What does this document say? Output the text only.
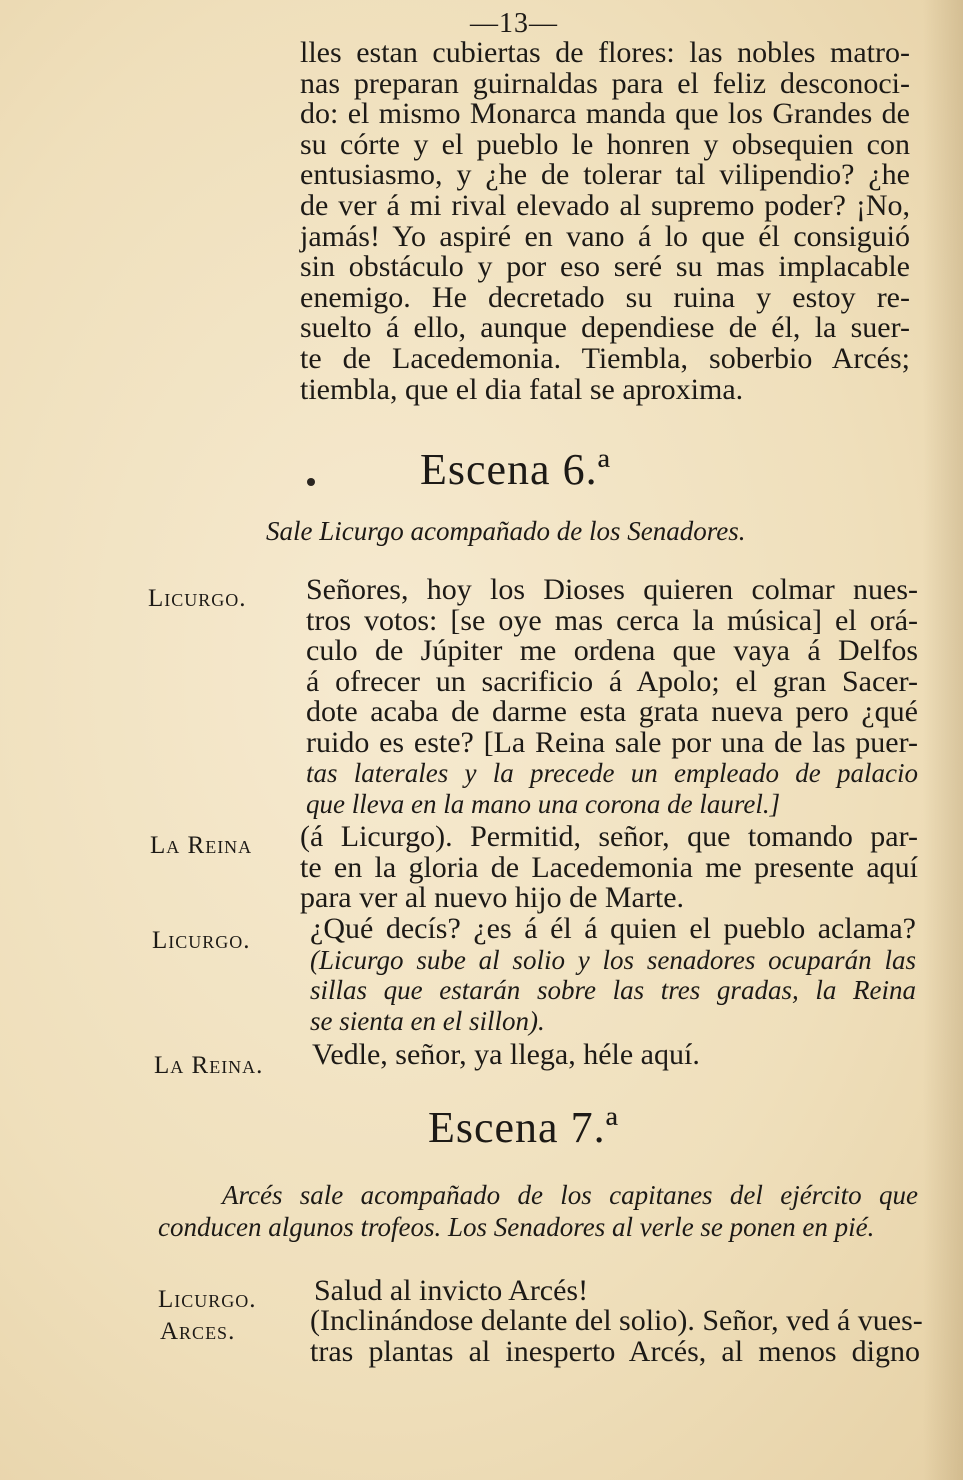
—13—
lles estan cubiertas de flores: las nobles matro-
nas preparan guirnaldas para el feliz desconoci-
do: el mismo Monarca manda que los Grandes de
su córte y el pueblo le honren y obsequien con
entusiasmo, y ¿he de tolerar tal vilipendio? ¿he
de ver á mi rival elevado al supremo poder? ¡No,
jamás! Yo aspiré en vano á lo que él consiguió
sin obstáculo y por eso seré su mas implacable
enemigo. He decretado su ruina y estoy re-
suelto á ello, aunque dependiese de él, la suer-
te de Lacedemonia. Tiembla, soberbio Arcés;
tiembla, que el dia fatal se aproxima.
Escena 6.ª
Sale Licurgo acompañado de los Senadores.
Licurgo. Señores, hoy los Dioses quieren colmar nues-
tros votos: [se oye mas cerca la música] el orá-
culo de Júpiter me ordena que vaya á Delfos
á ofrecer un sacrificio á Apolo; el gran Sacer-
dote acaba de darme esta grata nueva pero ¿qué
ruido es este? [La Reina sale por una de las puer-
tas laterales y la precede un empleado de palacio
que lleva en la mano una corona de laurel.]
La Reina (á Licurgo). Permitid, señor, que tomando par-
te en la gloria de Lacedemonia me presente aquí
para ver al nuevo hijo de Marte.
Licurgo. ¿Qué decís? ¿es á él á quien el pueblo aclama?
(Licurgo sube al solio y los senadores ocuparán las
sillas que estarán sobre las tres gradas, la Reina
se sienta en el sillon).
La Reina. Vedle, señor, ya llega, héle aquí.
Escena 7.ª
Arcés sale acompañado de los capitanes del ejército que
conducen algunos trofeos. Los Senadores al verle se ponen en pié.
Licurgo. Salud al invicto Arcés!
Arces. (Inclinándose delante del solio). Señor, ved á vues-
tras plantas al inesperto Arcés, al menos digno
